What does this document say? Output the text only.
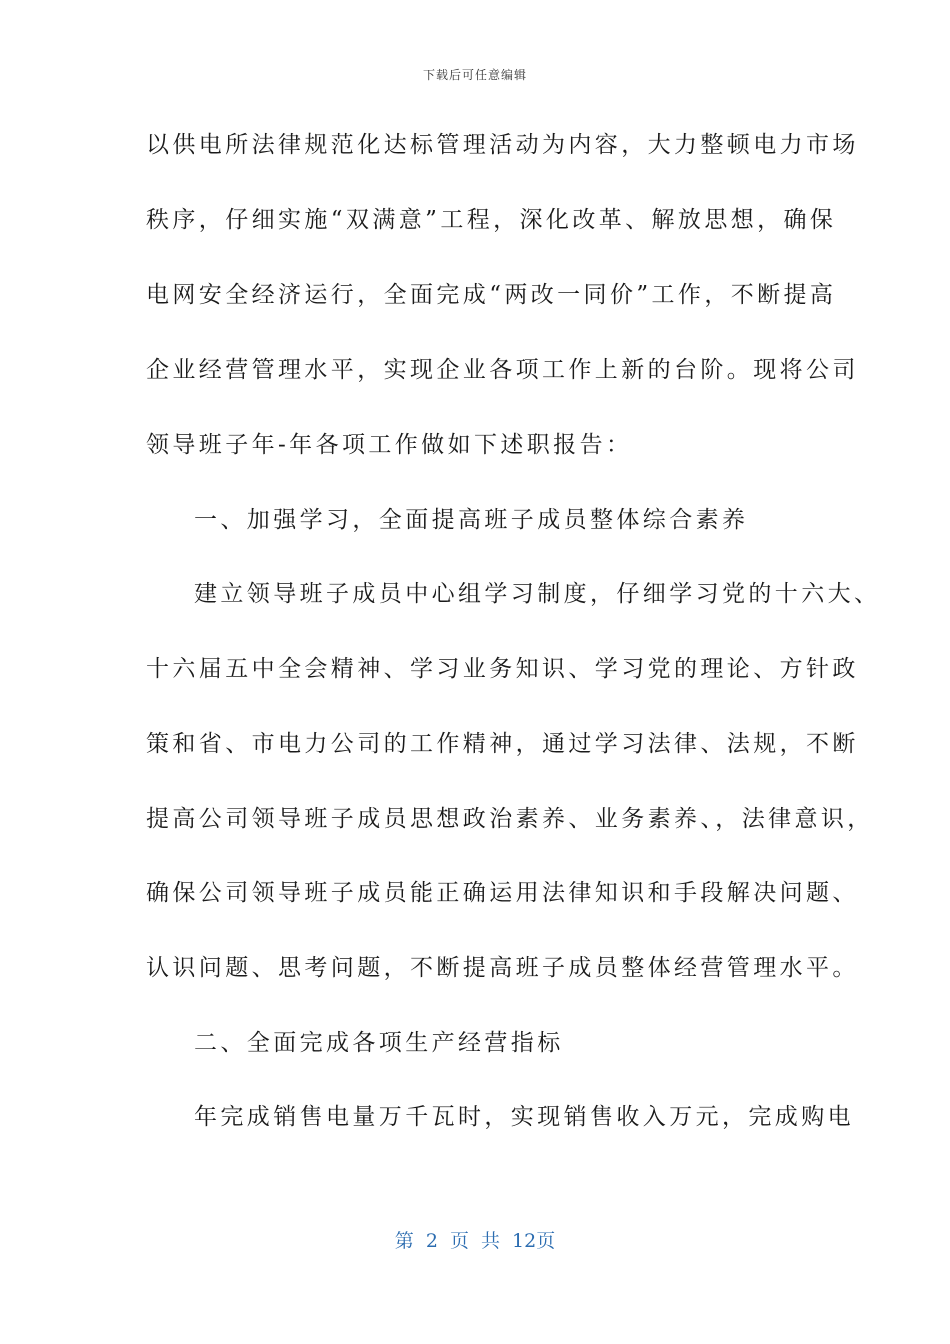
下载后可任意编辑
以供电所法律规范化达标管理活动为内容，大力整顿电力市场
秩序，仔细实施“双满意”工程，深化改革、解放思想，确保
电网安全经济运行，全面完成“两改一同价”工作，不断提高
企业经营管理水平，实现企业各项工作上新的台阶。现将公司
领导班子年-年各项工作做如下述职报告：
一、加强学习，全面提高班子成员整体综合素养
建立领导班子成员中心组学习制度，仔细学习党的十六大、
十六届五中全会精神、学习业务知识、学习党的理论、方针政
策和省、市电力公司的工作精神，通过学习法律、法规，不断
提高公司领导班子成员思想政治素养、业务素养、，法律意识，
确保公司领导班子成员能正确运用法律知识和手段解决问题、
认识问题、思考问题，不断提高班子成员整体经营管理水平。
二、全面完成各项生产经营指标
年完成销售电量万千瓦时，实现销售收入万元，完成购电
第 2 页 共 12页
